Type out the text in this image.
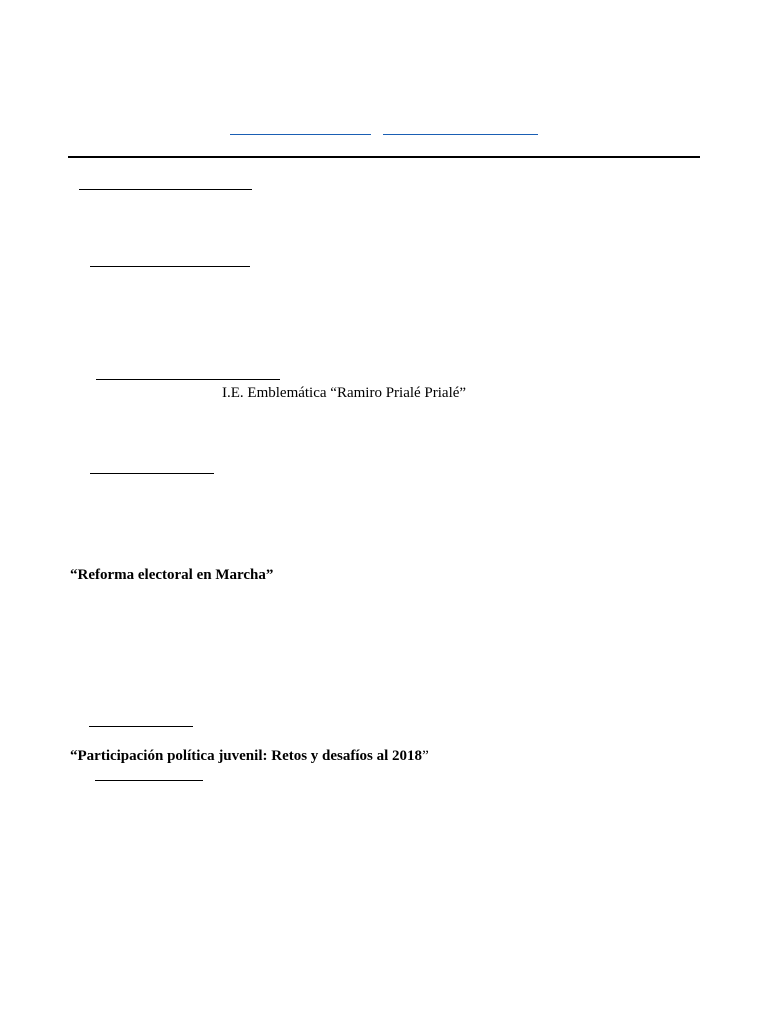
I.E. Emblemática “Ramiro Prialé Prialé”
“Reforma electoral en Marcha”
“Participación política juvenil: Retos y desafíos al 2018”
